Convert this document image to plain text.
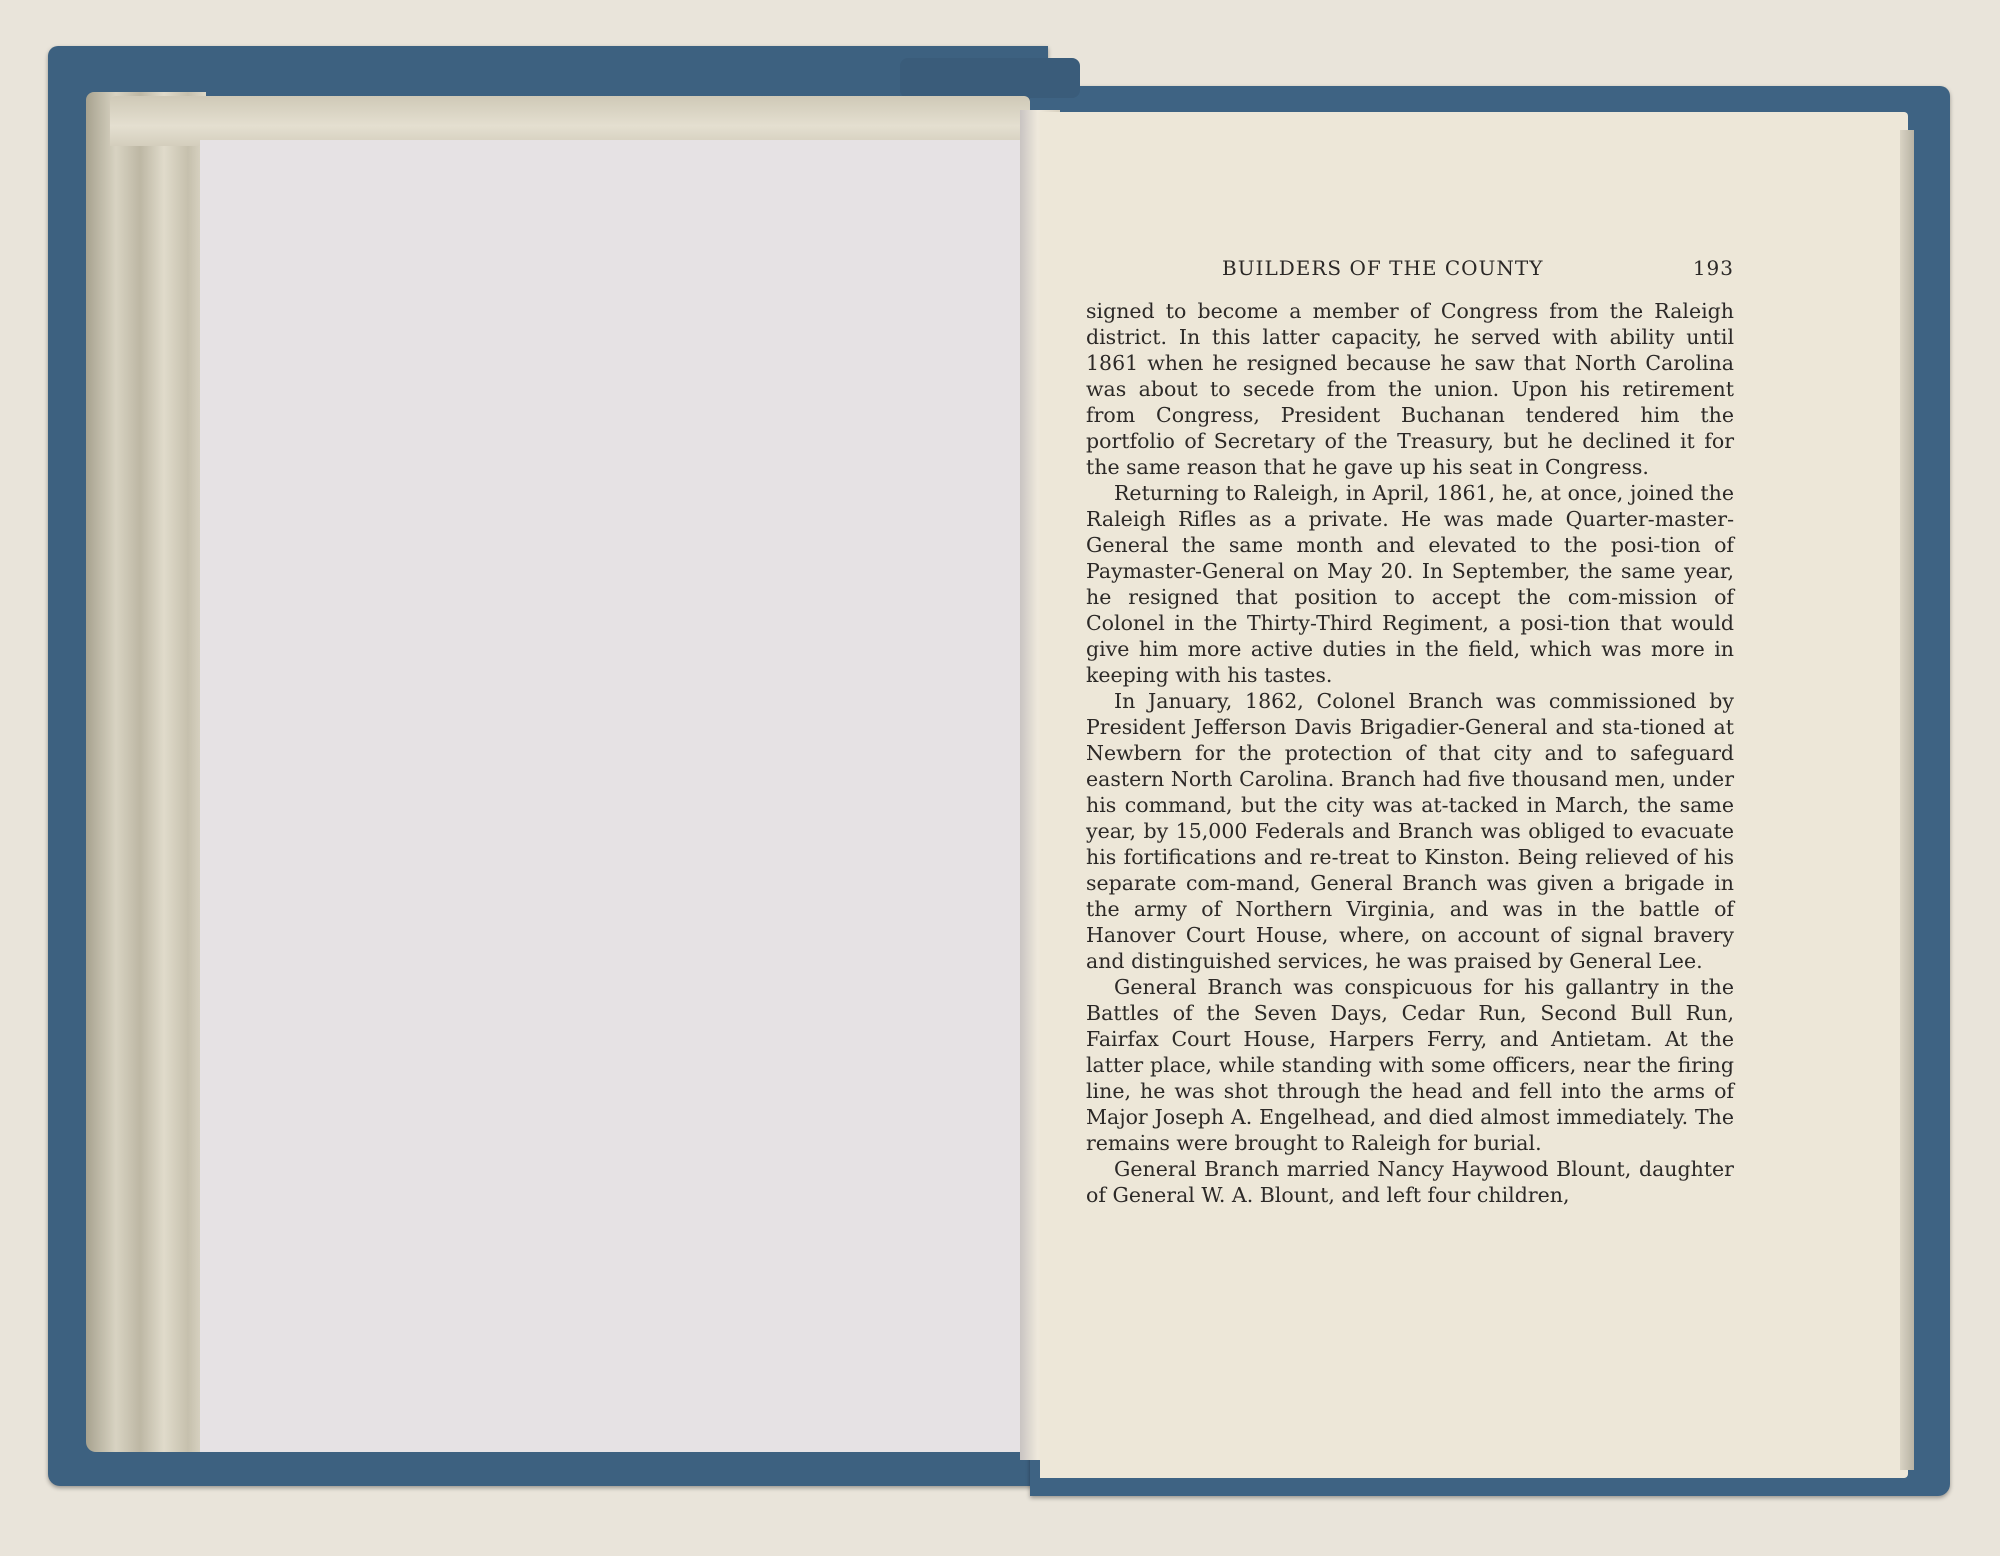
BUILDERS OF THE COUNTY	193

signed to become a member of Congress from the Raleigh district. In this latter capacity, he served with ability until 1861 when he resigned because he saw that North Carolina was about to secede from the union. Upon his retirement from Congress, President Buchanan tendered him the portfolio of Secretary of the Treasury, but he declined it for the same reason that he gave up his seat in Congress.

Returning to Raleigh, in April, 1861, he, at once, joined the Raleigh Rifles as a private. He was made Quarter-master-General the same month and elevated to the posi-tion of Paymaster-General on May 20. In September, the same year, he resigned that position to accept the com-mission of Colonel in the Thirty-Third Regiment, a posi-tion that would give him more active duties in the field, which was more in keeping with his tastes.

In January, 1862, Colonel Branch was commissioned by President Jefferson Davis Brigadier-General and sta-tioned at Newbern for the protection of that city and to safeguard eastern North Carolina. Branch had five thousand men, under his command, but the city was at-tacked in March, the same year, by 15,000 Federals and Branch was obliged to evacuate his fortifications and re-treat to Kinston. Being relieved of his separate com-mand, General Branch was given a brigade in the army of Northern Virginia, and was in the battle of Hanover Court House, where, on account of signal bravery and distinguished services, he was praised by General Lee.

General Branch was conspicuous for his gallantry in the Battles of the Seven Days, Cedar Run, Second Bull Run, Fairfax Court House, Harpers Ferry, and Antietam. At the latter place, while standing with some officers, near the firing line, he was shot through the head and fell into the arms of Major Joseph A. Engelhead, and died almost immediately. The remains were brought to Raleigh for burial.

General Branch married Nancy Haywood Blount, daughter of General W. A. Blount, and left four children,
